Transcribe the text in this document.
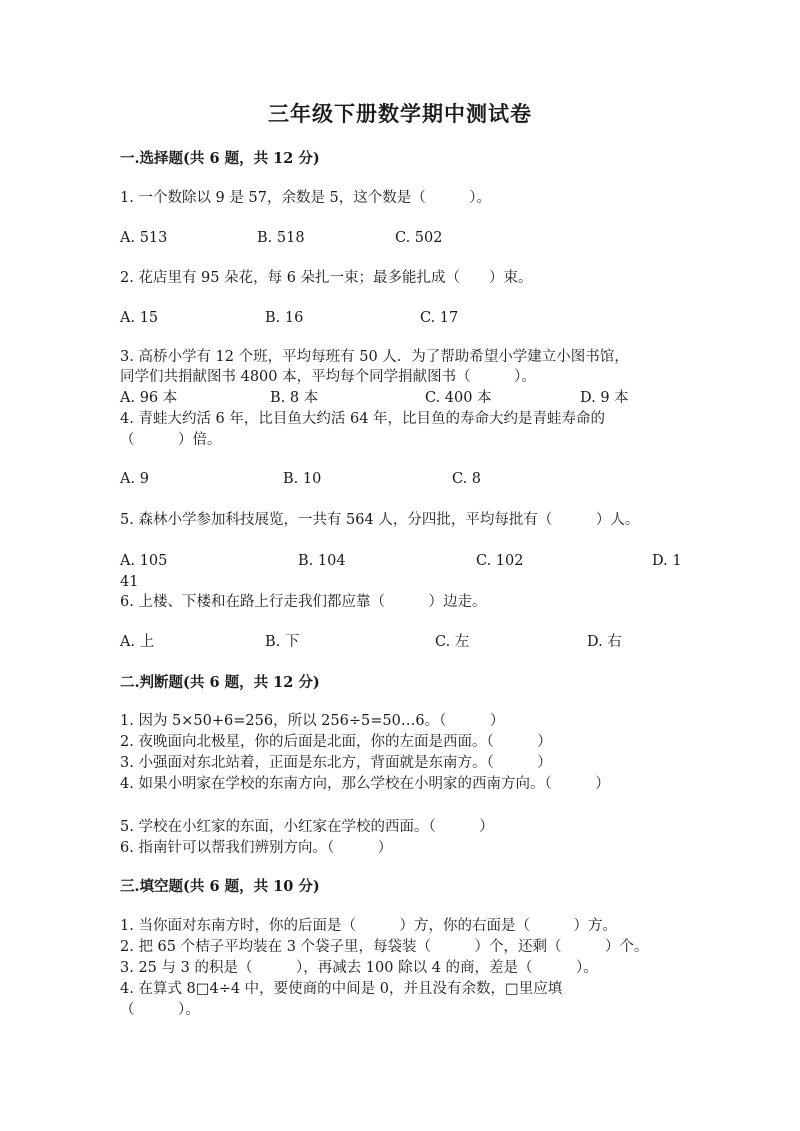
三年级下册数学期中测试卷
一.选择题(共 6 题，共 12 分)
1. 一个数除以 9 是 57，余数是 5，这个数是（　　　）。
A. 513	B. 518	C. 502
2. 花店里有 95 朵花，每 6 朵扎一束；最多能扎成（　　）束。
A. 15	B. 16	C. 17
3. 高桥小学有 12 个班，平均每班有 50 人．为了帮助希望小学建立小图书馆，
同学们共捐献图书 4800 本，平均每个同学捐献图书（　　　）。
A. 96 本	B. 8 本	C. 400 本	D. 9 本
4. 青蛙大约活 6 年，比目鱼大约活 64 年，比目鱼的寿命大约是青蛙寿命的
（　　　）倍。
A. 9	B. 10	C. 8
5. 森林小学参加科技展览，一共有 564 人，分四批，平均每批有（　　　）人。
A. 105	B. 104	C. 102	D. 1
41
6. 上楼、下楼和在路上行走我们都应靠（　　　）边走。
A. 上	B. 下	C. 左	D. 右
二.判断题(共 6 题，共 12 分)
1. 因为 5×50+6=256，所以 256÷5=50…6。（　　　）
2. 夜晚面向北极星，你的后面是北面，你的左面是西面。（　　　）
3. 小强面对东北站着，正面是东北方，背面就是东南方。（　　　）
4. 如果小明家在学校的东南方向，那么学校在小明家的西南方向。（　　　）
5. 学校在小红家的东面，小红家在学校的西面。（　　　）
6. 指南针可以帮我们辨别方向。（　　　）
三.填空题(共 6 题，共 10 分)
1. 当你面对东南方时，你的后面是（　　　）方，你的右面是（　　　）方。
2. 把 65 个桔子平均装在 3 个袋子里，每袋装（　　　）个，还剩（　　　）个。
3. 25 与 3 的积是（　　　），再减去 100 除以 4 的商，差是（　　　）。
4. 在算式 8□4÷4 中，要使商的中间是 0，并且没有余数，□里应填
（　　　）。
